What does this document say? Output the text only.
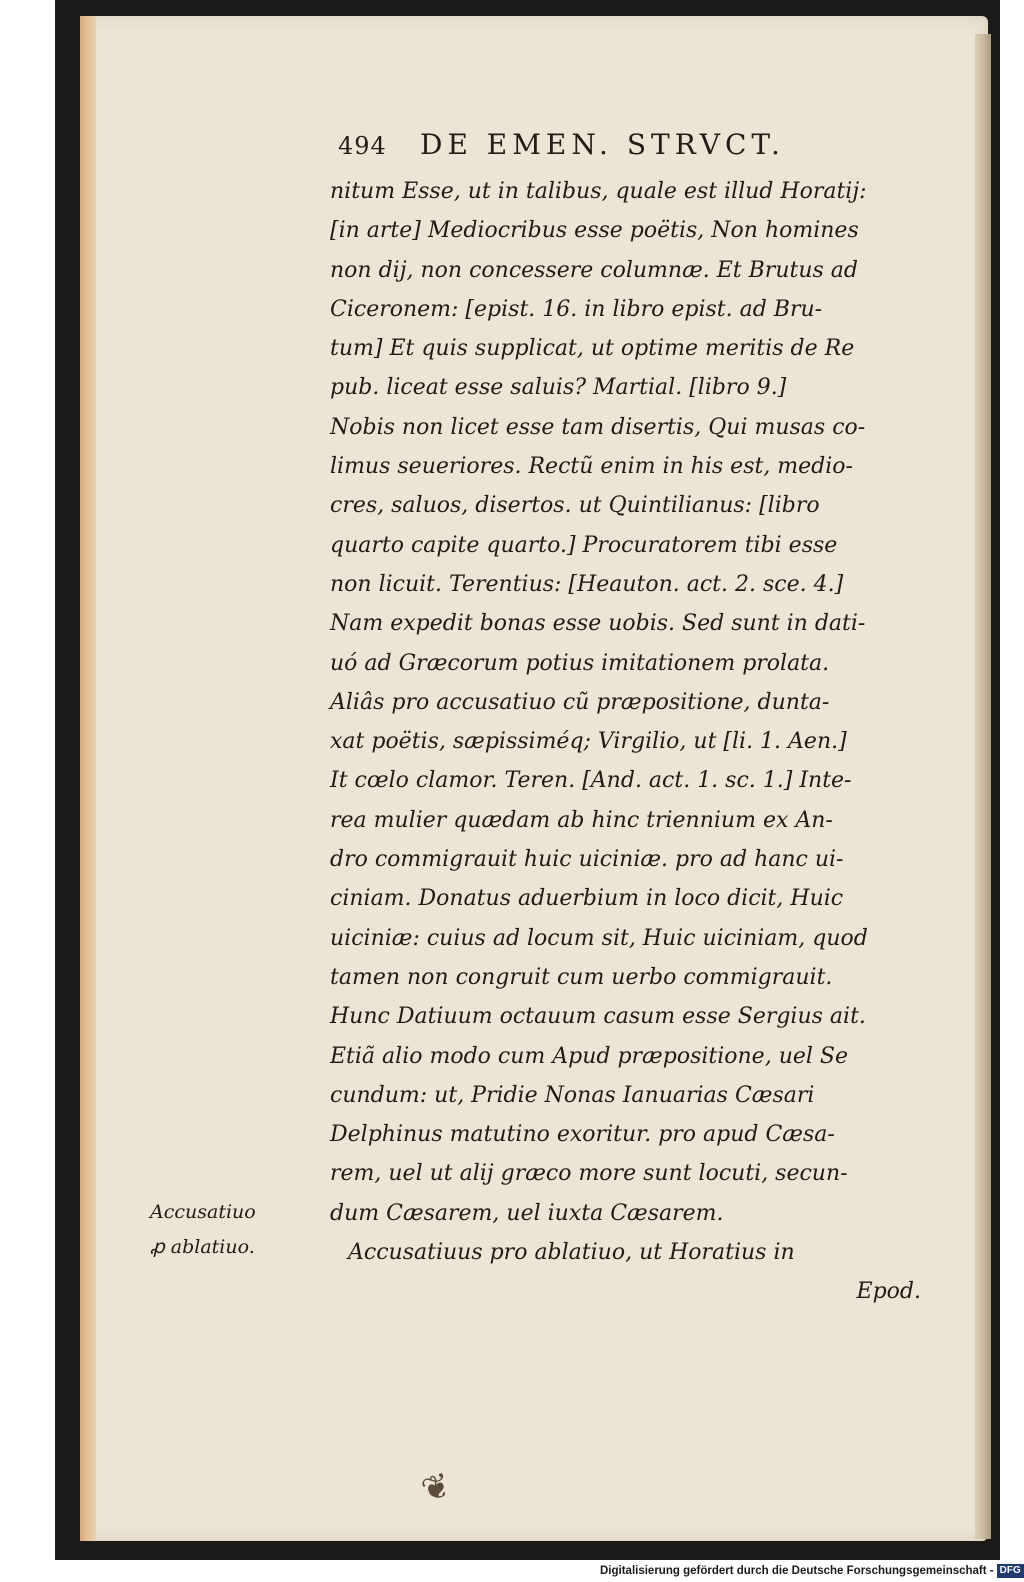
494 DE EMEN. STRVCT.
nitum Esse, ut in talibus, quale est illud Horatij:
[in arte] Mediocribus esse poëtis, Non homines
non dij, non concessere columnæ. Et Brutus ad
Ciceronem: [epist. 16. in libro epist. ad Bru-
tum] Et quis supplicat, ut optime meritis de Re
pub. liceat esse saluis? Martial. [libro 9.]
Nobis non licet esse tam disertis, Qui musas co-
limus seueriores. Rectũ enim in his est, medio-
cres, saluos, disertos. ut Quintilianus: [libro
quarto capite quarto.] Procuratorem tibi esse
non licuit. Terentius: [Heauton. act. 2. sce. 4.]
Nam expedit bonas esse uobis. Sed sunt in dati-
uó ad Græcorum potius imitationem prolata.
Aliâs pro accusatiuo cũ præpositione, dunta-
xat poëtis, sæpissiméq; Virgilio, ut [li. 1. Aen.]
It cœlo clamor. Teren. [And. act. 1. sc. 1.] Inte-
rea mulier quædam ab hinc triennium ex An-
dro commigrauit huic uiciniæ. pro ad hanc ui-
ciniam. Donatus aduerbium in loco dicit, Huic
uiciniæ: cuius ad locum sit, Huic uiciniam, quod
tamen non congruit cum uerbo commigrauit.
Hunc Datiuum octauum casum esse Sergius ait.
Etiã alio modo cum Apud præpositione, uel Se
cundum: ut, Pridie Nonas Ianuarias Cæsari
Delphinus matutino exoritur. pro apud Cæsa-
rem, uel ut alij græco more sunt locuti, secun-
dum Cæsarem, uel iuxta Cæsarem.
Accusatiuus pro ablatiuo, ut Horatius in
Epod.
Accusatiuo
ꝓ ablatiuo.
❦
Digitalisierung gefördert durch die Deutsche Forschungsgemeinschaft - DFG
